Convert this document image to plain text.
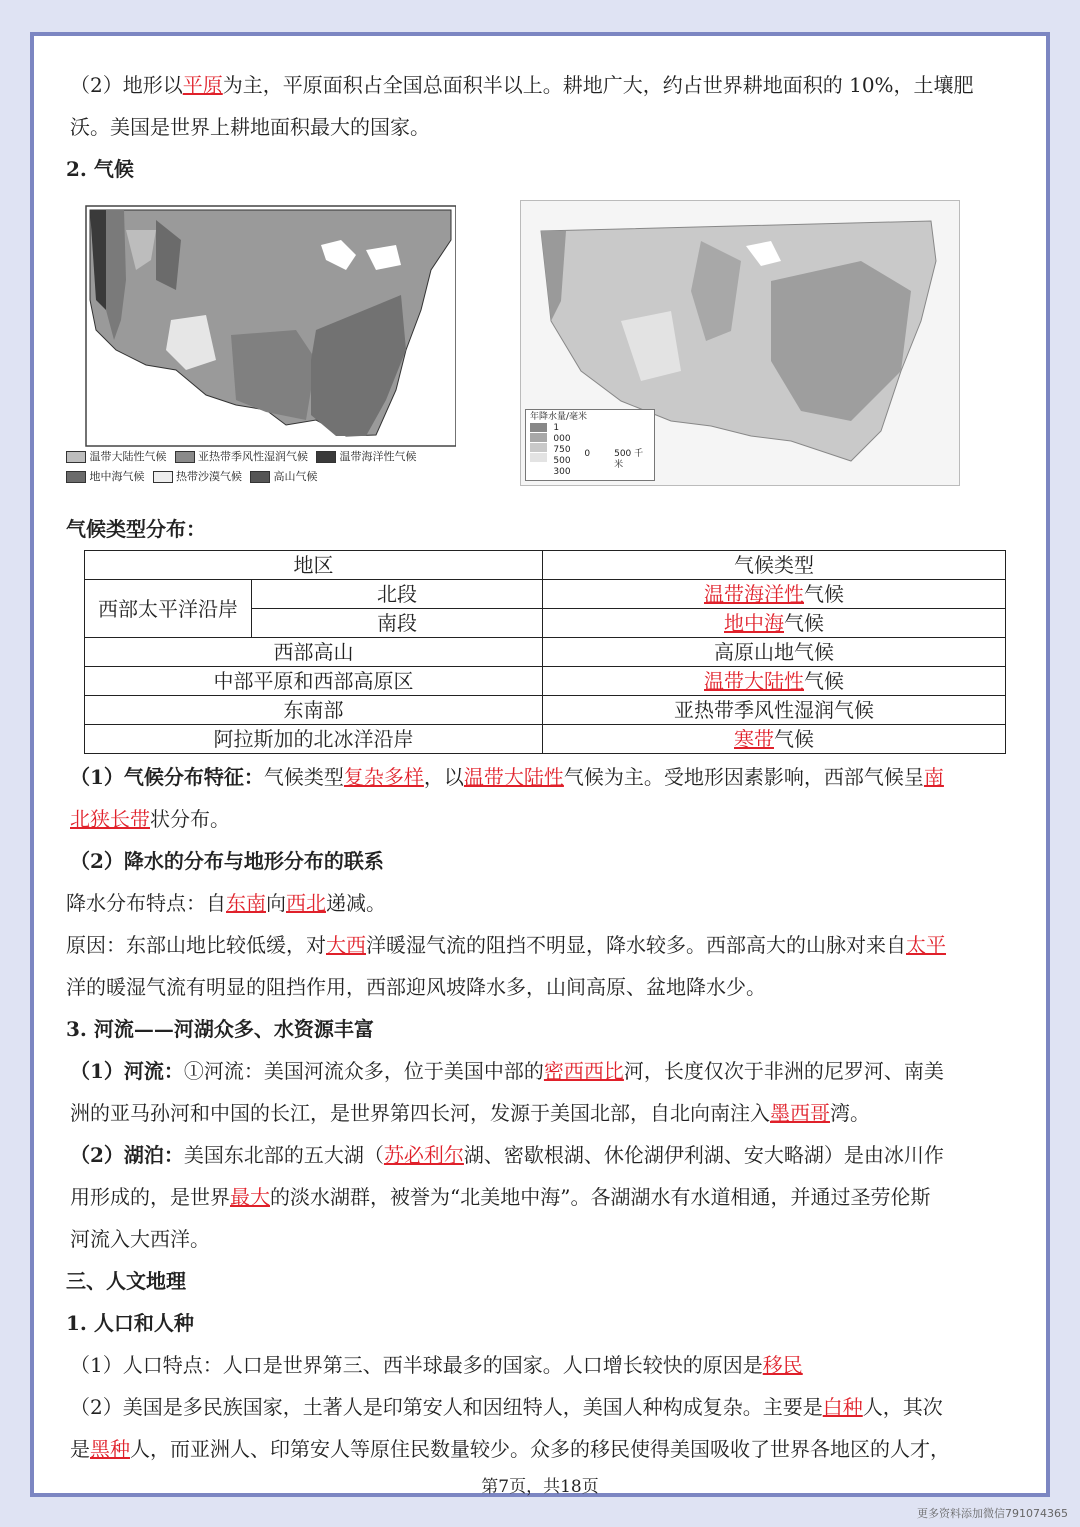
（2）地形以平原为主，平原面积占全国总面积半以上。耕地广大，约占世界耕地面积的 10%，土壤肥
沃。美国是世界上耕地面积最大的国家。

2. 气候

温带大陆性气候	亚热带季风性湿润气候	温带海洋性气候
地中海气候	热带沙漠气候	高山气候
年降水量/毫米
1 000
750
500
300
0	500 千米

气候类型分布：

地区		气候类型
西部太平洋沿岸	北段	温带海洋性气候
	南段	地中海气候
西部高山		高原山地气候
中部平原和西部高原区		温带大陆性气候
东南部		亚热带季风性湿润气候
阿拉斯加的北冰洋沿岸		寒带气候

（1）气候分布特征：气候类型复杂多样，以温带大陆性气候为主。受地形因素影响，西部气候呈南
北狭长带状分布。

（2）降水的分布与地形分布的联系

降水分布特点：自东南向西北递减。

原因：东部山地比较低缓，对大西洋暖湿气流的阻挡不明显，降水较多。西部高大的山脉对来自太平
洋的暖湿气流有明显的阻挡作用，西部迎风坡降水多，山间高原、盆地降水少。

3. 河流——河湖众多、水资源丰富

（1）河流：①河流：美国河流众多，位于美国中部的密西西比河，长度仅次于非洲的尼罗河、南美
洲的亚马孙河和中国的长江，是世界第四长河，发源于美国北部，自北向南注入墨西哥湾。

（2）湖泊：美国东北部的五大湖（苏必利尔湖、密歇根湖、休伦湖伊利湖、安大略湖）是由冰川作
用形成的，是世界最大的淡水湖群，被誉为“北美地中海”。各湖湖水有水道相通，并通过圣劳伦斯
河流入大西洋。

三、人文地理

1. 人口和人种

（1）人口特点：人口是世界第三、西半球最多的国家。人口增长较快的原因是移民

（2）美国是多民族国家，土著人是印第安人和因纽特人，美国人种构成复杂。主要是白种人，其次
是黑种人，而亚洲人、印第安人等原住民数量较少。众多的移民使得美国吸收了世界各地区的人才，

第7页，共18页
更多资料添加微信791074365
